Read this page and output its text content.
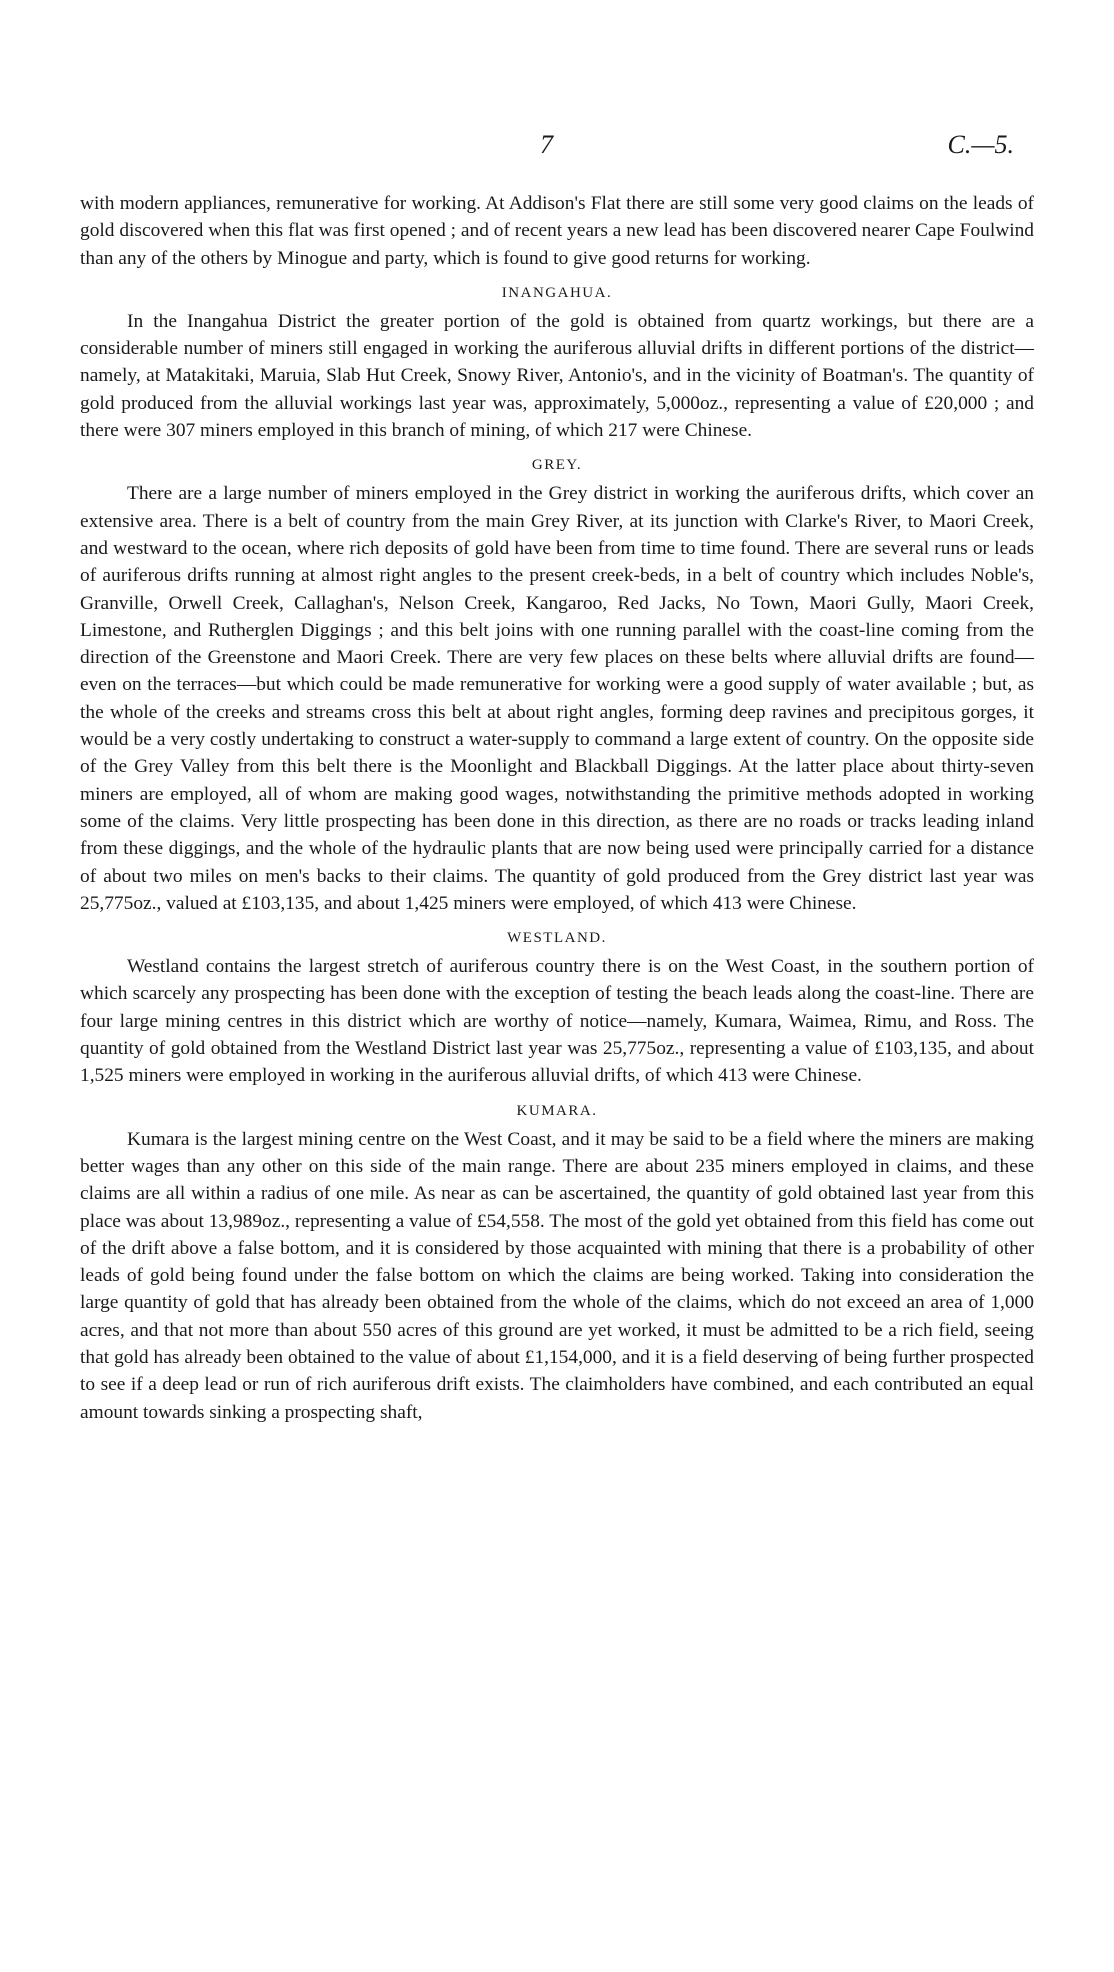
7	C.—5.

with modern appliances, remunerative for working. At Addison's Flat there are still some very good claims on the leads of gold discovered when this flat was first opened ; and of recent years a new lead has been discovered nearer Cape Foulwind than any of the others by Minogue and party, which is found to give good returns for working.

INANGAHUA.

In the Inangahua District the greater portion of the gold is obtained from quartz workings, but there are a considerable number of miners still engaged in working the auriferous alluvial drifts in different portions of the district—namely, at Matakitaki, Maruia, Slab Hut Creek, Snowy River, Antonio's, and in the vicinity of Boatman's. The quantity of gold produced from the alluvial workings last year was, approximately, 5,000oz., representing a value of £20,000 ; and there were 307 miners employed in this branch of mining, of which 217 were Chinese.

GREY.

There are a large number of miners employed in the Grey district in working the auriferous drifts, which cover an extensive area. There is a belt of country from the main Grey River, at its junction with Clarke's River, to Maori Creek, and westward to the ocean, where rich deposits of gold have been from time to time found. There are several runs or leads of auriferous drifts running at almost right angles to the present creek-beds, in a belt of country which includes Noble's, Granville, Orwell Creek, Callaghan's, Nelson Creek, Kangaroo, Red Jacks, No Town, Maori Gully, Maori Creek, Limestone, and Rutherglen Diggings ; and this belt joins with one running parallel with the coast-line coming from the direction of the Greenstone and Maori Creek. There are very few places on these belts where alluvial drifts are found—even on the terraces—but which could be made remunerative for working were a good supply of water available ; but, as the whole of the creeks and streams cross this belt at about right angles, forming deep ravines and precipitous gorges, it would be a very costly undertaking to construct a water-supply to command a large extent of country. On the opposite side of the Grey Valley from this belt there is the Moonlight and Blackball Diggings. At the latter place about thirty-seven miners are employed, all of whom are making good wages, notwithstanding the primitive methods adopted in working some of the claims. Very little prospecting has been done in this direction, as there are no roads or tracks leading inland from these diggings, and the whole of the hydraulic plants that are now being used were principally carried for a distance of about two miles on men's backs to their claims. The quantity of gold produced from the Grey district last year was 25,775oz., valued at £103,135, and about 1,425 miners were employed, of which 413 were Chinese.

WESTLAND.

Westland contains the largest stretch of auriferous country there is on the West Coast, in the southern portion of which scarcely any prospecting has been done with the exception of testing the beach leads along the coast-line. There are four large mining centres in this district which are worthy of notice—namely, Kumara, Waimea, Rimu, and Ross. The quantity of gold obtained from the Westland District last year was 25,775oz., representing a value of £103,135, and about 1,525 miners were employed in working in the auriferous alluvial drifts, of which 413 were Chinese.

KUMARA.

Kumara is the largest mining centre on the West Coast, and it may be said to be a field where the miners are making better wages than any other on this side of the main range. There are about 235 miners employed in claims, and these claims are all within a radius of one mile. As near as can be ascertained, the quantity of gold obtained last year from this place was about 13,989oz., representing a value of £54,558. The most of the gold yet obtained from this field has come out of the drift above a false bottom, and it is considered by those acquainted with mining that there is a probability of other leads of gold being found under the false bottom on which the claims are being worked. Taking into consideration the large quantity of gold that has already been obtained from the whole of the claims, which do not exceed an area of 1,000 acres, and that not more than about 550 acres of this ground are yet worked, it must be admitted to be a rich field, seeing that gold has already been obtained to the value of about £1,154,000, and it is a field deserving of being further prospected to see if a deep lead or run of rich auriferous drift exists. The claimholders have combined, and each contributed an equal amount towards sinking a prospecting shaft,
